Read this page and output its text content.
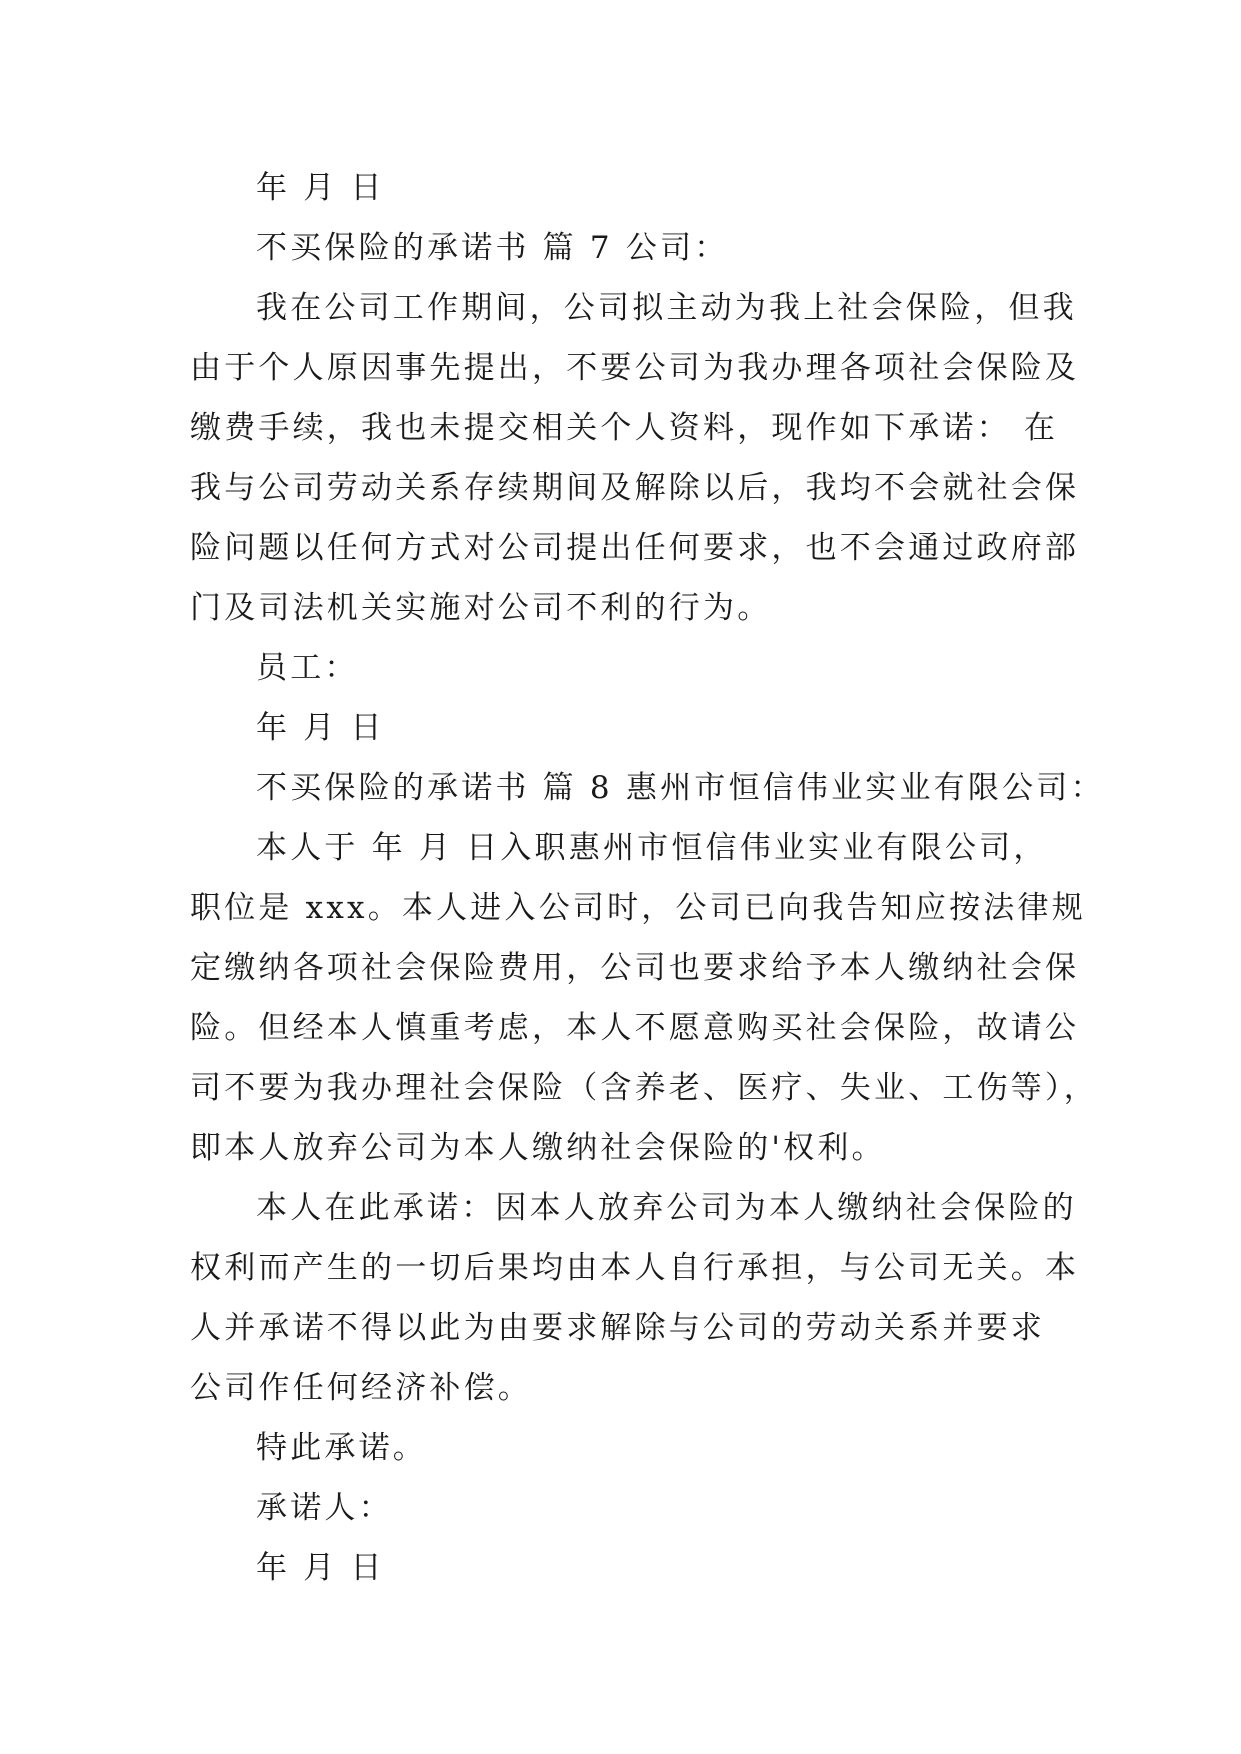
年 月 日

不买保险的承诺书 篇 7 公司：

我在公司工作期间，公司拟主动为我上社会保险，但我

由于个人原因事先提出，不要公司为我办理各项社会保险及

缴费手续，我也未提交相关个人资料，现作如下承诺： 在

我与公司劳动关系存续期间及解除以后，我均不会就社会保

险问题以任何方式对公司提出任何要求，也不会通过政府部

门及司法机关实施对公司不利的行为。

员工：

年 月 日

不买保险的承诺书 篇 8 惠州市恒信伟业实业有限公司：

本人于 年 月 日入职惠州市恒信伟业实业有限公司，

职位是 xxx。本人进入公司时，公司已向我告知应按法律规

定缴纳各项社会保险费用，公司也要求给予本人缴纳社会保

险。但经本人慎重考虑，本人不愿意购买社会保险，故请公

司不要为我办理社会保险（含养老、医疗、失业、工伤等），

即本人放弃公司为本人缴纳社会保险的'权利。

本人在此承诺：因本人放弃公司为本人缴纳社会保险的

权利而产生的一切后果均由本人自行承担，与公司无关。本

人并承诺不得以此为由要求解除与公司的劳动关系并要求

公司作任何经济补偿。

特此承诺。

承诺人：

年 月 日
